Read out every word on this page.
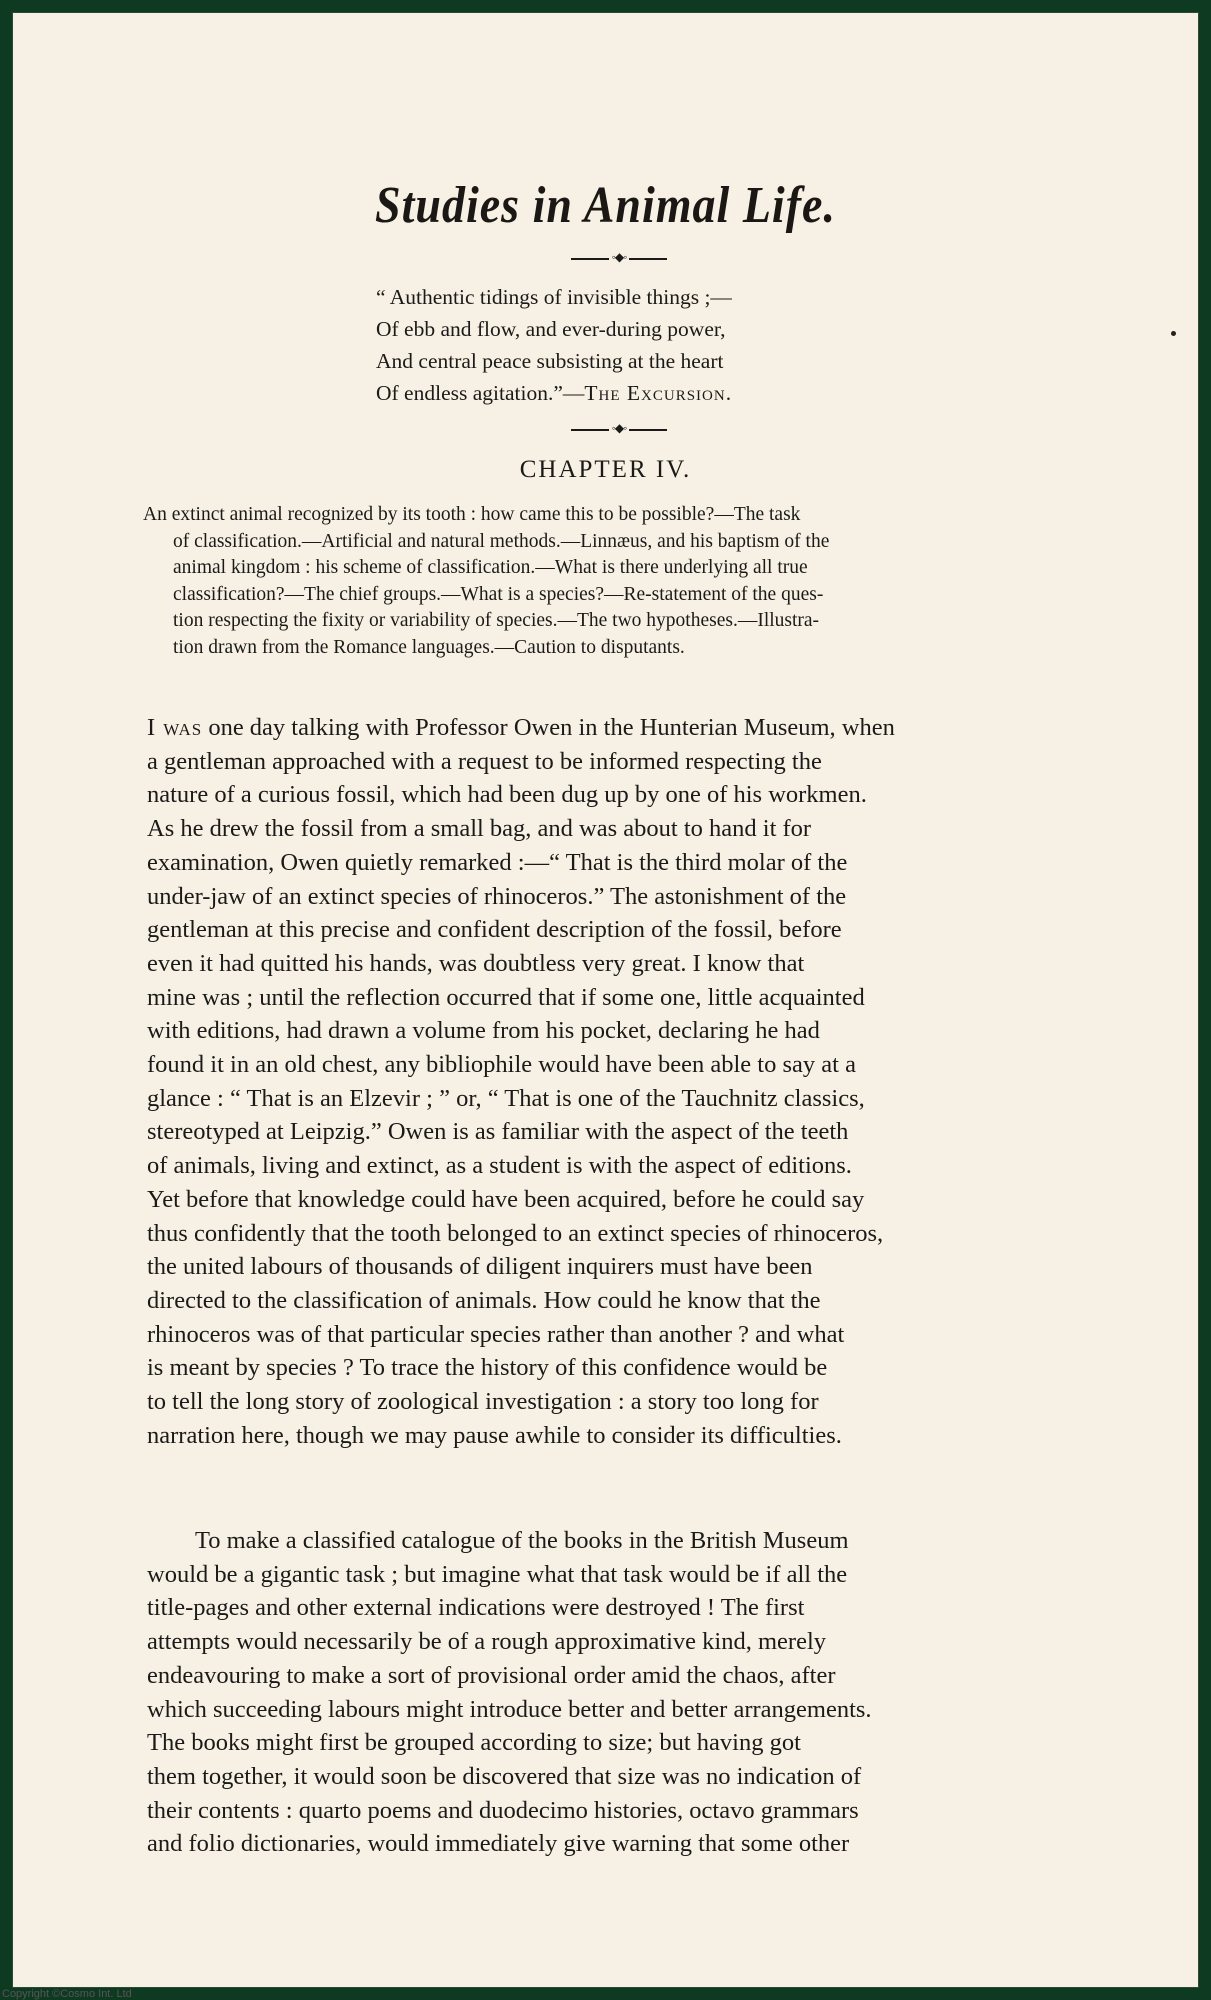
Studies in Animal Life.
◦◆◦
“ Authentic tidings of invisible things ;—
Of ebb and flow, and ever-during power,
And central peace subsisting at the heart
Of endless agitation.”—The Excursion.
◦◆◦
CHAPTER IV.
An extinct animal recognized by its tooth : how came this to be possible?—The task
of classification.—Artificial and natural methods.—Linnæus, and his baptism of the
animal kingdom : his scheme of classification.—What is there underlying all true
classification?—The chief groups.—What is a species?—Re-statement of the ques-
tion respecting the fixity or variability of species.—The two hypotheses.—Illustra-
tion drawn from the Romance languages.—Caution to disputants.
I was one day talking with Professor Owen in the Hunterian Museum, when
a gentleman approached with a request to be informed respecting the
nature of a curious fossil, which had been dug up by one of his workmen.
As he drew the fossil from a small bag, and was about to hand it for
examination, Owen quietly remarked :—“ That is the third molar of the
under-jaw of an extinct species of rhinoceros.” The astonishment of the
gentleman at this precise and confident description of the fossil, before
even it had quitted his hands, was doubtless very great. I know that
mine was ; until the reflection occurred that if some one, little acquainted
with editions, had drawn a volume from his pocket, declaring he had
found it in an old chest, any bibliophile would have been able to say at a
glance : “ That is an Elzevir ; ” or, “ That is one of the Tauchnitz classics,
stereotyped at Leipzig.” Owen is as familiar with the aspect of the teeth
of animals, living and extinct, as a student is with the aspect of editions.
Yet before that knowledge could have been acquired, before he could say
thus confidently that the tooth belonged to an extinct species of rhinoceros,
the united labours of thousands of diligent inquirers must have been
directed to the classification of animals. How could he know that the
rhinoceros was of that particular species rather than another ? and what
is meant by species ? To trace the history of this confidence would be
to tell the long story of zoological investigation : a story too long for
narration here, though we may pause awhile to consider its difficulties.
To make a classified catalogue of the books in the British Museum
would be a gigantic task ; but imagine what that task would be if all the
title-pages and other external indications were destroyed ! The first
attempts would necessarily be of a rough approximative kind, merely
endeavouring to make a sort of provisional order amid the chaos, after
which succeeding labours might introduce better and better arrangements.
The books might first be grouped according to size; but having got
them together, it would soon be discovered that size was no indication of
their contents : quarto poems and duodecimo histories, octavo grammars
and folio dictionaries, would immediately give warning that some other
Copyright ©Cosmo Int. Ltd
